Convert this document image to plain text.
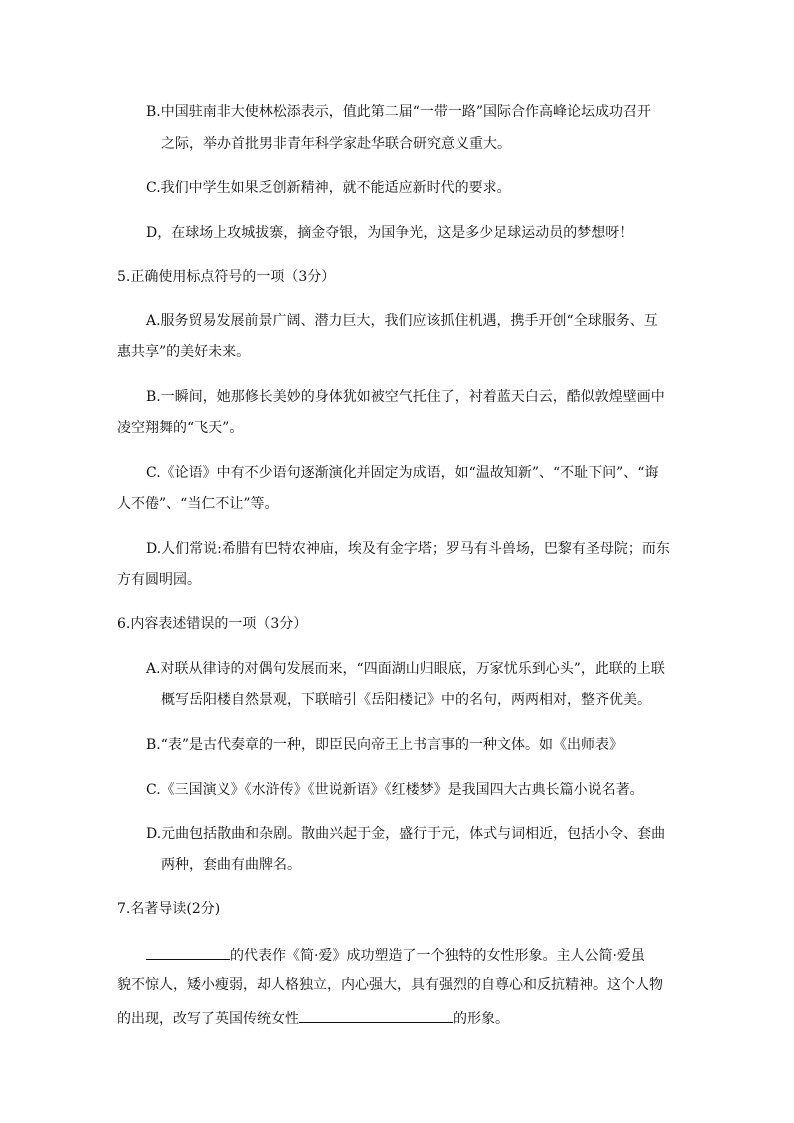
B.中国驻南非大使林松添表示，值此第二届“一带一路”国际合作高峰论坛成功召开
之际，举办首批男非青年科学家赴华联合研究意义重大。
C.我们中学生如果乏创新精神，就不能适应新时代的要求。
D，在球场上攻城拔寨，摘金夺银，为国争光，这是多少足球运动员的梦想呀！
5.正确使用标点符号的一项（3分）
A.服务贸易发展前景广阔、潜力巨大，我们应该抓住机遇，携手开创“全球服务、互
惠共享”的美好未来。
B.一瞬间，她那修长美妙的身体犹如被空气托住了，衬着蓝天白云，酷似敦煌壁画中
凌空翔舞的“飞天”。
C.《论语》中有不少语句逐渐演化并固定为成语，如“温故知新”、“不耻下问”、“诲
人不倦”、“当仁不让”等。
D.人们常说:希腊有巴特农神庙，埃及有金字塔；罗马有斗兽场，巴黎有圣母院；而东
方有圆明园。
6.内容表述错误的一项（3分）
A.对联从律诗的对偶句发展而来，“四面湖山归眼底，万家忧乐到心头”，此联的上联
概写岳阳楼自然景观，下联暗引《岳阳楼记》中的名句，两两相对，整齐优美。
B.“表”是古代奏章的一种，即臣民向帝王上书言事的一种文体。如《出师表》
C.《三国演义》《水浒传》《世说新语》《红楼梦》是我国四大古典长篇小说名著。
D.元曲包括散曲和杂剧。散曲兴起于金，盛行于元，体式与词相近，包括小令、套曲
两种，套曲有曲牌名。
7.名著导读(2分)
的代表作《简·爱》成功塑造了一个独特的女性形象。主人公简·爱虽
貌不惊人，矮小瘦弱，却人格独立，内心强大，具有强烈的自尊心和反抗精神。这个人物
的出现，改写了英国传统女性	的形象。
